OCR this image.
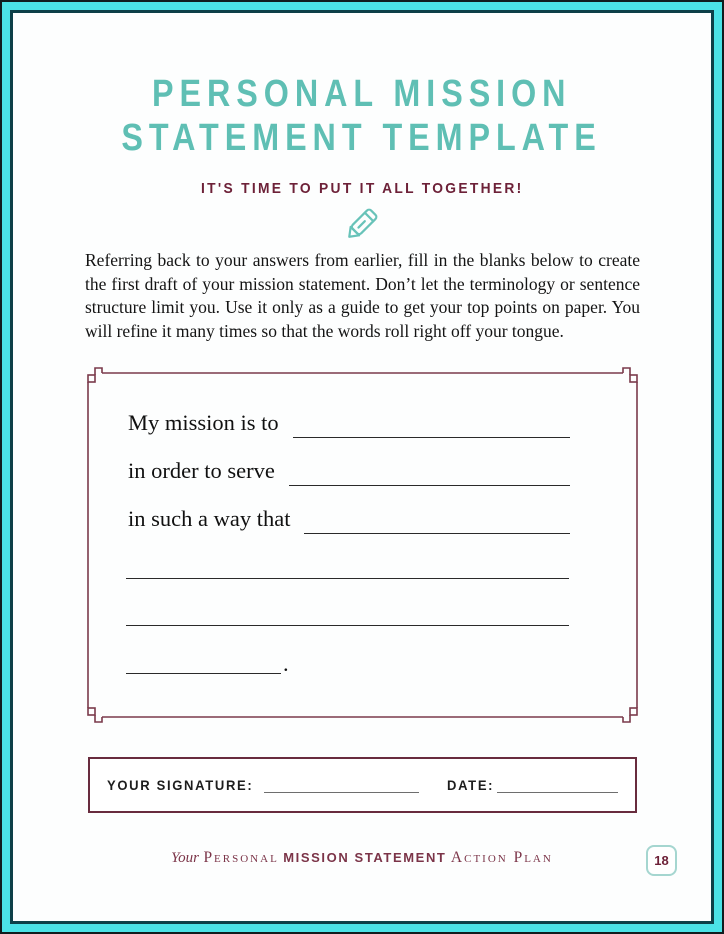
PERSONAL MISSION
STATEMENT TEMPLATE
IT'S TIME TO PUT IT ALL TOGETHER!
Referring back to your answers from earlier, fill in the blanks below to create the first draft of your mission statement. Don’t let the terminology or sentence structure limit you. Use it only as a guide to get your top points on paper. You will refine it many times so that the words roll right off your tongue.
My mission is to
in order to serve
in such a way that
.
YOUR SIGNATURE:	DATE:
Your Personal MISSION STATEMENT Action Plan	18
